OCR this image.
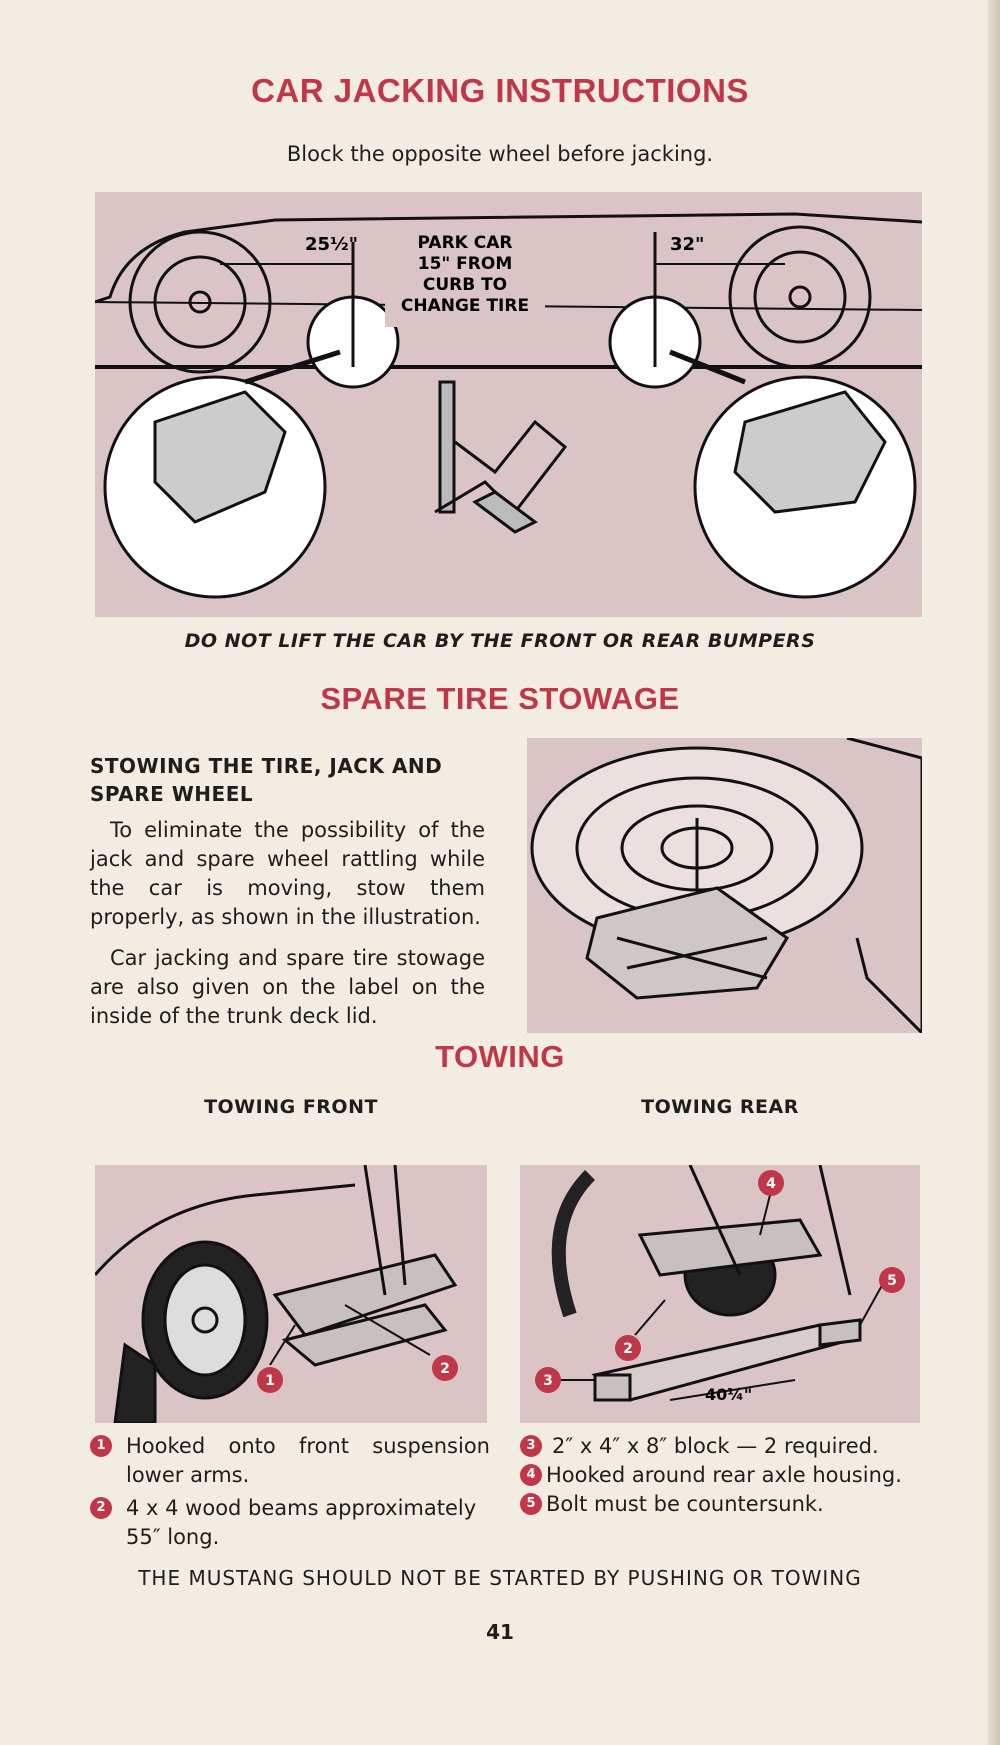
CAR JACKING INSTRUCTIONS
Block the opposite wheel before jacking.
25½"	32"
PARK CAR
15" FROM
CURB TO
CHANGE TIRE
DO NOT LIFT THE CAR BY THE FRONT OR REAR BUMPERS
SPARE TIRE STOWAGE
STOWING THE TIRE, JACK AND SPARE WHEEL
To eliminate the possibility of the jack and spare wheel rattling while the car is moving, stow them properly, as shown in the illustration.
Car jacking and spare tire stowage are also given on the label on the inside of the trunk deck lid.
TOWING
TOWING FRONT	TOWING REAR
1
2
40¼"
3
4
5
2
1 Hooked onto front suspension lower arms.
2 4 x 4 wood beams approximately 55″ long.
3 2″ x 4″ x 8″ block — 2 required.
4 Hooked around rear axle housing.
5 Bolt must be countersunk.
THE MUSTANG SHOULD NOT BE STARTED BY PUSHING OR TOWING
41
